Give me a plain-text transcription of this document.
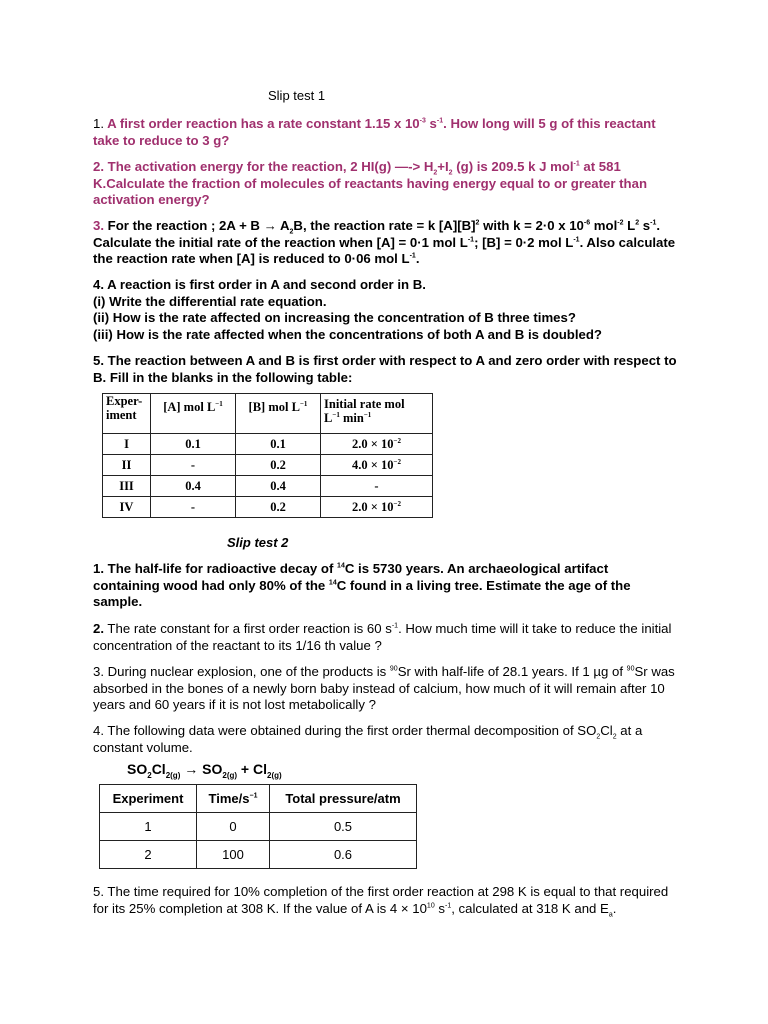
Slip test 1
1. A first order reaction has a rate constant 1.15 x $10^{-3}$ $s^{-1}$. How long will 5 g of this reactant take to reduce to 3 g?
2. The activation energy for the reaction, 2 HI(g) —-> $H_2+I_2$ (g) is 209.5 k J mol$^{-1}$ at 581 K.Calculate the fraction of molecules of reactants having energy equal to or greater than activation energy?
3. For the reaction ; $2A + B \to A_2B$, the reaction rate = k $[A][B]^2$ with k = 2·0 x $10^{-6}$ mol$^{-2}$ $L^2$ $s^{-1}$. Calculate the initial rate of the reaction when [A] = 0·1 mol $L^{-1}$; [B] = 0·2 mol $L^{-1}$. Also calculate the reaction rate when [A] is reduced to 0·06 mol $L^{-1}$.
4. A reaction is first order in A and second order in B.
(i) Write the differential rate equation.
(ii) How is the rate affected on increasing the concentration of B three times?
(iii) How is the rate affected when the concentrations of both A and B is doubled?
5. The reaction between A and B is first order with respect to A and zero order with respect to B. Fill in the blanks in the following table:
Exper-
iment	[A] mol $L^{-1}$	[B] mol $L^{-1}$	Initial rate mol
$L^{-1}$ $\min^{-1}$
I	0.1	0.1	$2.0 \times 10^{-2}$
II	-	0.2	$4.0 \times 10^{-2}$
III	0.4	0.4	-
IV	-	0.2	$2.0 \times 10^{-2}$
Slip test 2
1. The half-life for radioactive decay of $^{14}$C is 5730 years. An archaeological artifact containing wood had only 80% of the $^{14}$C found in a living tree. Estimate the age of the sample.
2. The rate constant for a first order reaction is 60 $s^{-1}$. How much time will it take to reduce the initial concentration of the reactant to its 1/16 th value ?
3. During nuclear explosion, one of the products is $^{90}$Sr with half-life of 28.1 years. If 1 µg of $^{90}$Sr was absorbed in the bones of a newly born baby instead of calcium, how much of it will remain after 10 years and 60 years if it is not lost metabolically ?
4. The following data were obtained during the first order thermal decomposition of $SO_2Cl_2$ at a constant volume.
$SO_2Cl_{2(g)} \to SO_{2(g)} + Cl_{2(g)}$
Experiment	Time/$s^{-1}$	Total pressure/atm
1	0	0.5
2	100	0.6
5. The time required for 10% completion of the first order reaction at 298 K is equal to that required for its 25% completion at 308 K. If the value of A is $4 \times 10^{10}$ $s^{-1}$, calculated at 318 K and $E_a$.
